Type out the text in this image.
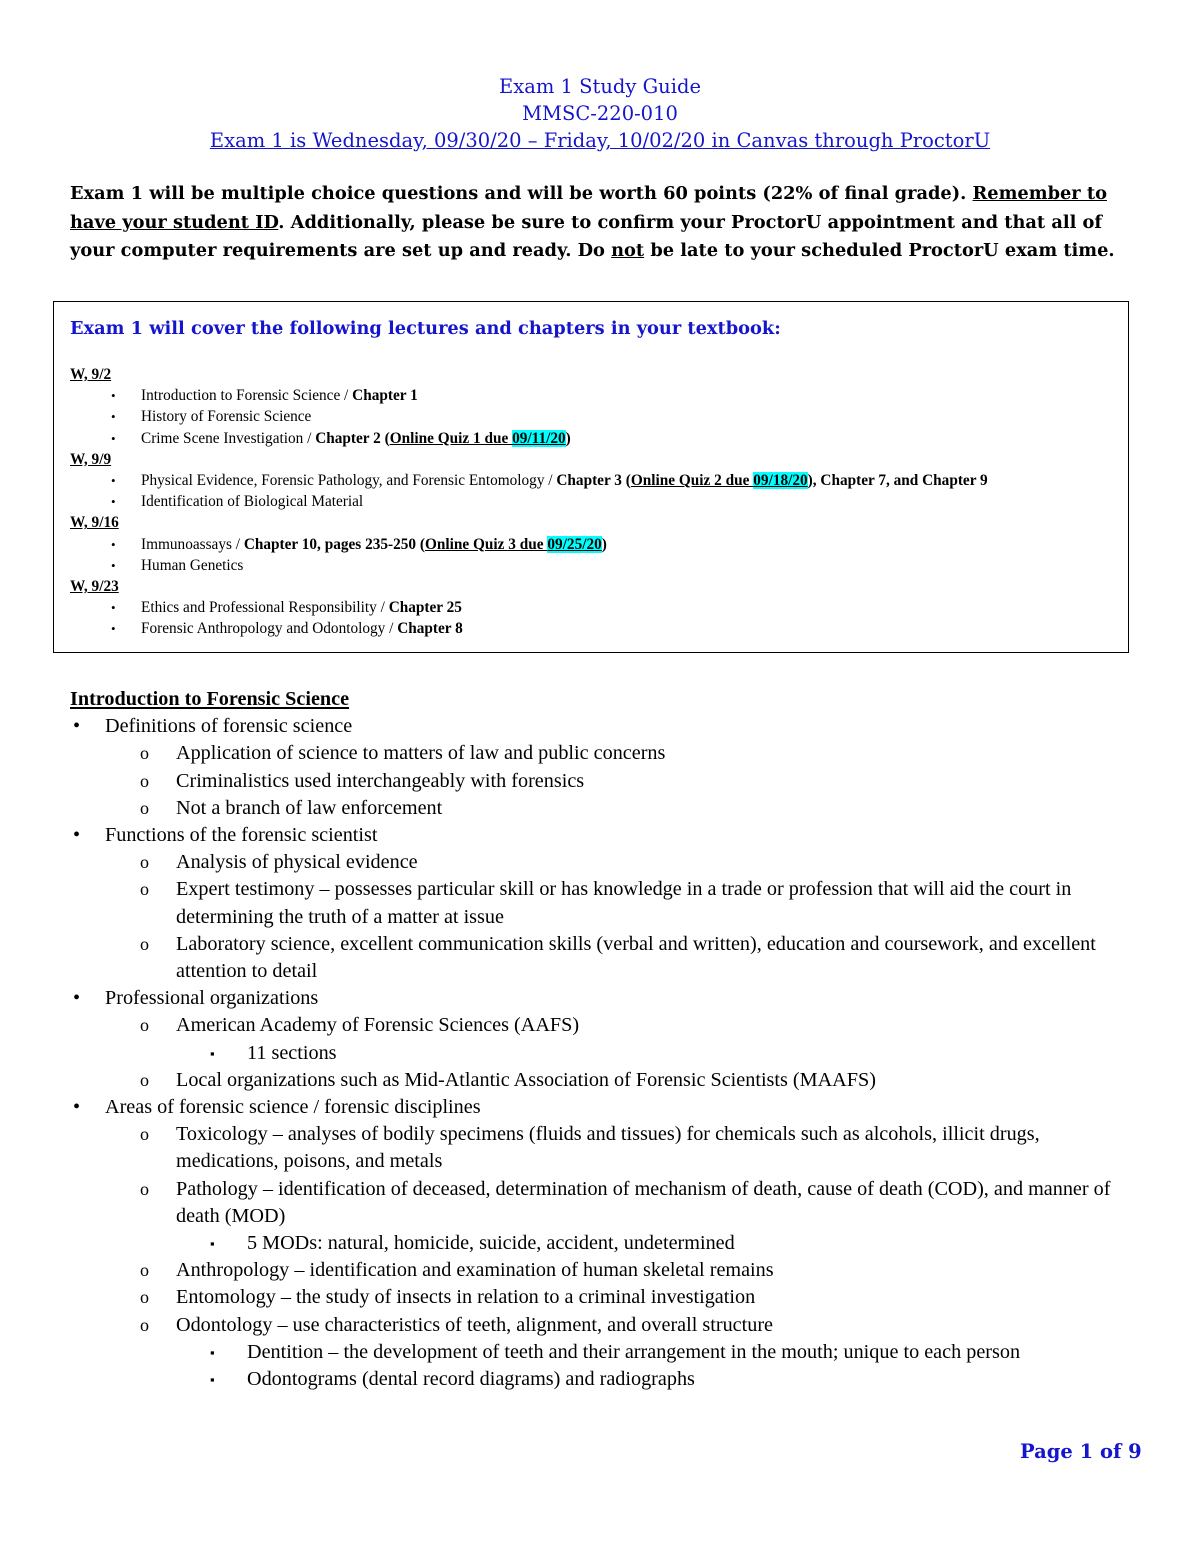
Exam 1 Study Guide
MMSC-220-010
Exam 1 is Wednesday, 09/30/20 – Friday, 10/02/20 in Canvas through ProctorU
Exam 1 will be multiple choice questions and will be worth 60 points (22% of final grade). Remember to have your student ID. Additionally, please be sure to confirm your ProctorU appointment and that all of your computer requirements are set up and ready. Do not be late to your scheduled ProctorU exam time.
Exam 1 will cover the following lectures and chapters in your textbook:
W, 9/2
• Introduction to Forensic Science / Chapter 1
• History of Forensic Science
• Crime Scene Investigation / Chapter 2 (Online Quiz 1 due 09/11/20)
W, 9/9
• Physical Evidence, Forensic Pathology, and Forensic Entomology / Chapter 3 (Online Quiz 2 due 09/18/20), Chapter 7, and Chapter 9
• Identification of Biological Material
W, 9/16
• Immunoassays / Chapter 10, pages 235-250 (Online Quiz 3 due 09/25/20)
• Human Genetics
W, 9/23
• Ethics and Professional Responsibility / Chapter 25
• Forensic Anthropology and Odontology / Chapter 8
Introduction to Forensic Science
• Definitions of forensic science
o Application of science to matters of law and public concerns
o Criminalistics used interchangeably with forensics
o Not a branch of law enforcement
• Functions of the forensic scientist
o Analysis of physical evidence
o Expert testimony – possesses particular skill or has knowledge in a trade or profession that will aid the court in determining the truth of a matter at issue
o Laboratory science, excellent communication skills (verbal and written), education and coursework, and excellent attention to detail
• Professional organizations
o American Academy of Forensic Sciences (AAFS)
▪ 11 sections
o Local organizations such as Mid-Atlantic Association of Forensic Scientists (MAAFS)
• Areas of forensic science / forensic disciplines
o Toxicology – analyses of bodily specimens (fluids and tissues) for chemicals such as alcohols, illicit drugs, medications, poisons, and metals
o Pathology – identification of deceased, determination of mechanism of death, cause of death (COD), and manner of death (MOD)
▪ 5 MODs: natural, homicide, suicide, accident, undetermined
o Anthropology – identification and examination of human skeletal remains
o Entomology – the study of insects in relation to a criminal investigation
o Odontology – use characteristics of teeth, alignment, and overall structure
▪ Dentition – the development of teeth and their arrangement in the mouth; unique to each person
▪ Odontograms (dental record diagrams) and radiographs
Page 1 of 9
